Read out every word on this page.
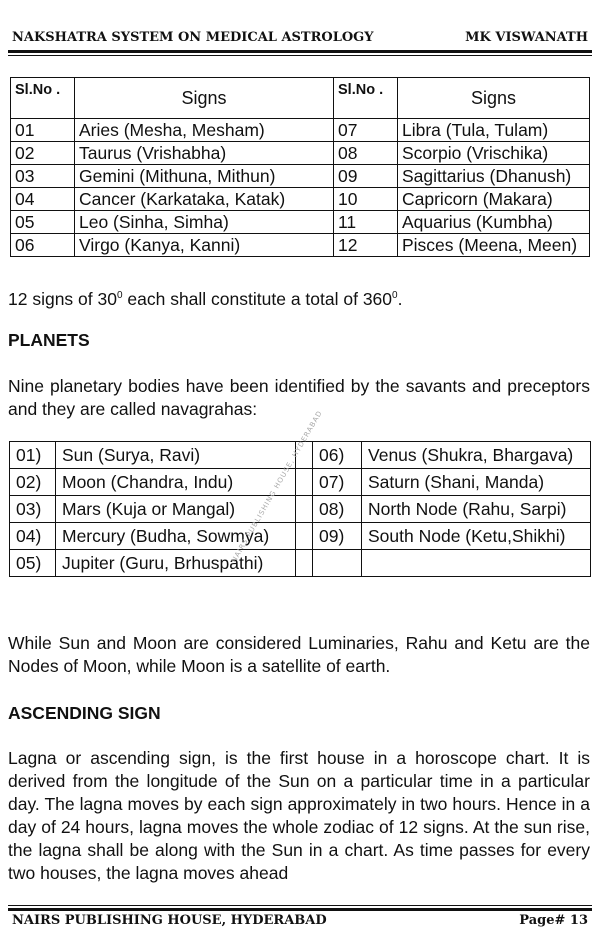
NAKSHATRA SYSTEM ON MEDICAL ASTROLOGY	MK VISWANATH
Sl.No .	Signs	Sl.No .	Signs
01	Aries (Mesha, Mesham)	07	Libra (Tula, Tulam)
02	Taurus (Vrishabha)	08	Scorpio (Vrischika)
03	Gemini (Mithuna, Mithun)	09	Sagittarius (Dhanush)
04	Cancer (Karkataka, Katak)	10	Capricorn (Makara)
05	Leo (Sinha, Simha)	11	Aquarius (Kumbha)
06	Virgo (Kanya, Kanni)	12	Pisces (Meena, Meen)
12 signs of $30^0$ each shall constitute a total of $360^0$.
PLANETS
Nine planetary bodies have been identified by the savants and preceptors and they are called navagrahas:
01)	Sun (Surya, Ravi)		06)	Venus (Shukra, Bhargava)
02)	Moon (Chandra, Indu)		07)	Saturn (Shani, Manda)
03)	Mars (Kuja or Mangal)		08)	North Node (Rahu, Sarpi)
04)	Mercury (Budha, Sowmya)		09)	South Node (Ketu,Shikhi)
05)	Jupiter (Guru, Brhuspathi)			
NAIRS PUBLISHING HOUSE, HYDERABAD
While Sun and Moon are considered Luminaries, Rahu and Ketu are the Nodes of Moon, while Moon is a satellite of earth.
ASCENDING SIGN
Lagna or ascending sign, is the first house in a horoscope chart. It is derived from the longitude of the Sun on a particular time in a particular day. The lagna moves by each sign approximately in two hours. Hence in a day of 24 hours, lagna moves the whole zodiac of 12 signs. At the sun rise, the lagna shall be along with the Sun in a chart. As time passes for every two houses, the lagna moves ahead
NAIRS PUBLISHING HOUSE, HYDERABAD	Page# 13
